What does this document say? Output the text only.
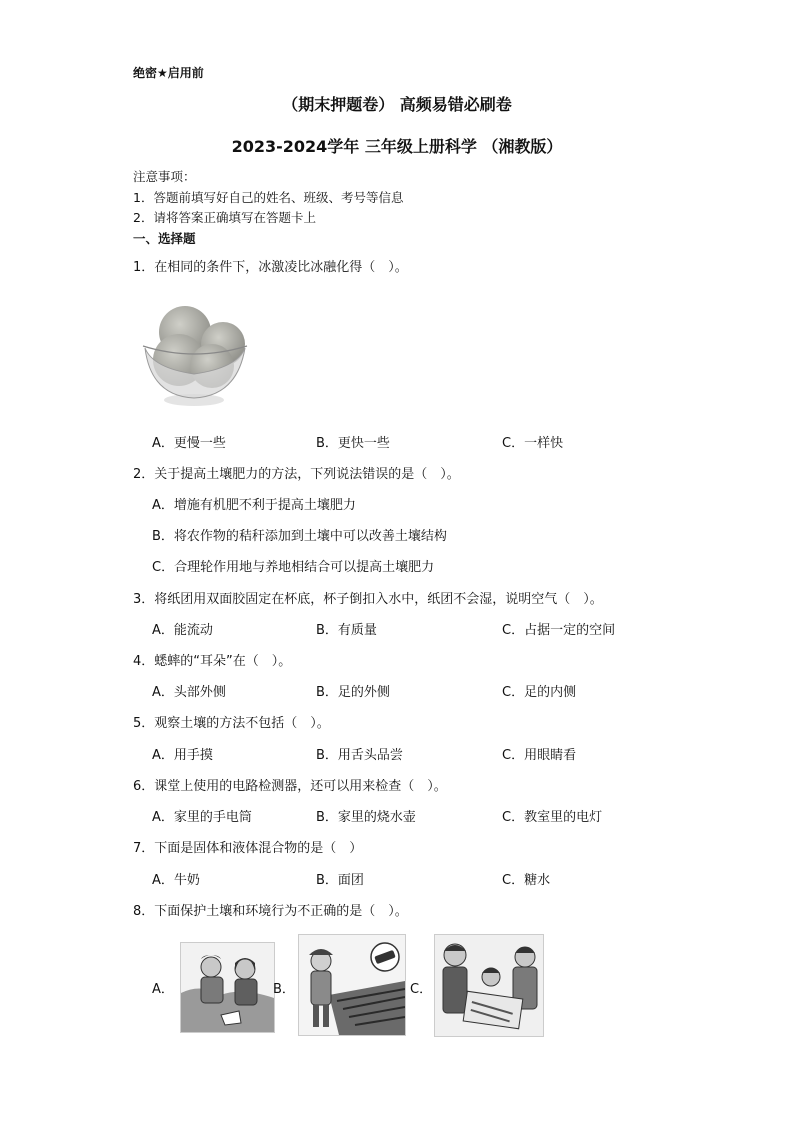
绝密★启用前
（期末押题卷） 高频易错必刷卷
2023-2024学年 三年级上册科学 （湘教版）
注意事项：
1．答题前填写好自己的姓名、班级、考号等信息
2．请将答案正确填写在答题卡上
一、选择题
1．在相同的条件下，冰激凌比冰融化得（　）。
A．更慢一些	B．更快一些	C．一样快
2．关于提高土壤肥力的方法，下列说法错误的是（　）。
A．增施有机肥不利于提高土壤肥力
B．将农作物的秸秆添加到土壤中可以改善土壤结构
C．合理轮作用地与养地相结合可以提高土壤肥力
3．将纸团用双面胶固定在杯底，杯子倒扣入水中，纸团不会湿，说明空气（　）。
A．能流动	B．有质量	C．占据一定的空间
4．蟋蟀的“耳朵”在（　）。
A．头部外侧	B．足的外侧	C．足的内侧
5．观察土壤的方法不包括（　）。
A．用手摸	B．用舌头品尝	C．用眼睛看
6．课堂上使用的电路检测器，还可以用来检查（　）。
A．家里的手电筒	B．家里的烧水壶	C．教室里的电灯
7．下面是固体和液体混合物的是（　）
A．牛奶	B．面团	C．糖水
8．下面保护土壤和环境行为不正确的是（　）。
A．	B．	C．
